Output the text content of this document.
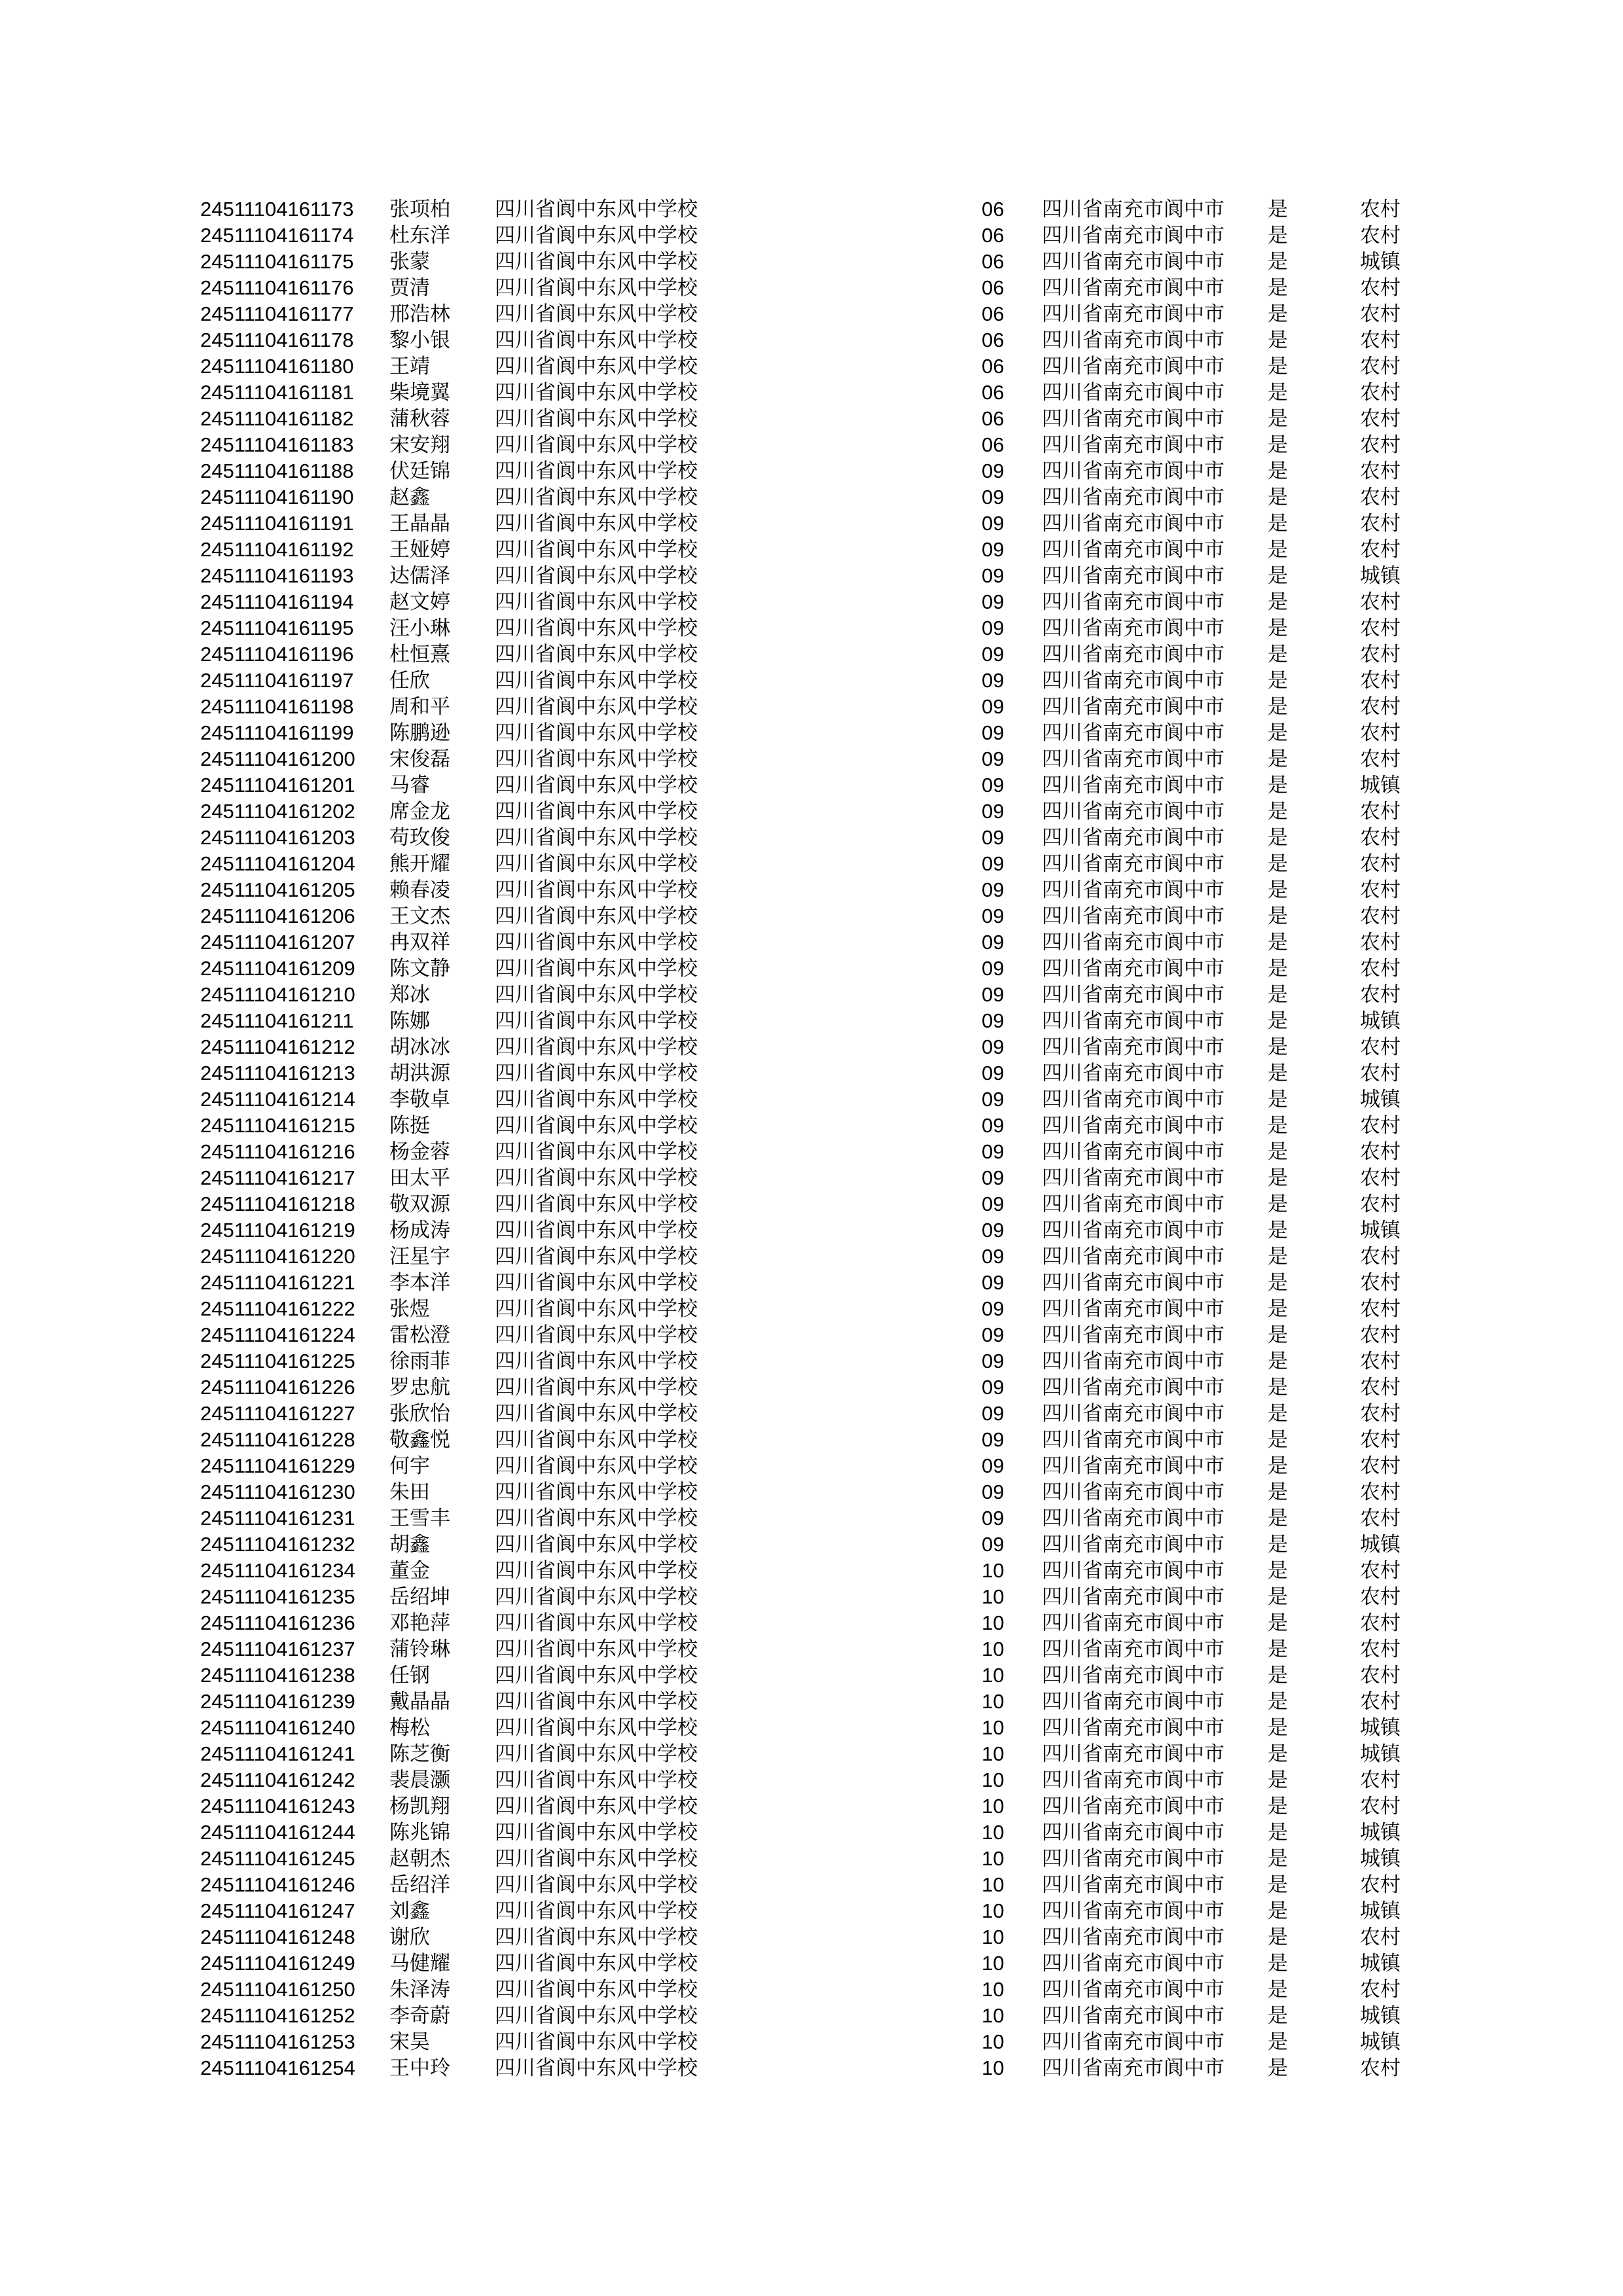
24511104161173 张项柏 四川省阆中东风中学校	06 四川省南充市阆中市 是	农村
24511104161174 杜东洋 四川省阆中东风中学校	06 四川省南充市阆中市 是	农村
24511104161175 张蒙	四川省阆中东风中学校	06 四川省南充市阆中市 是	城镇
24511104161176 贾清	四川省阆中东风中学校	06 四川省南充市阆中市 是	农村
24511104161177 邢浩林 四川省阆中东风中学校	06 四川省南充市阆中市 是	农村
24511104161178 黎小银 四川省阆中东风中学校	06 四川省南充市阆中市 是	农村
24511104161180 王靖	四川省阆中东风中学校	06 四川省南充市阆中市 是	农村
24511104161181 柴境翼 四川省阆中东风中学校	06 四川省南充市阆中市 是	农村
24511104161182 蒲秋蓉 四川省阆中东风中学校	06 四川省南充市阆中市 是	农村
24511104161183 宋安翔 四川省阆中东风中学校	06 四川省南充市阆中市 是	农村
24511104161188 伏廷锦 四川省阆中东风中学校	09 四川省南充市阆中市 是	农村
24511104161190 赵鑫	四川省阆中东风中学校	09 四川省南充市阆中市 是	农村
24511104161191 王晶晶 四川省阆中东风中学校	09 四川省南充市阆中市 是	农村
24511104161192 王娅婷 四川省阆中东风中学校	09 四川省南充市阆中市 是	农村
24511104161193 达儒泽 四川省阆中东风中学校	09 四川省南充市阆中市 是	城镇
24511104161194 赵文婷 四川省阆中东风中学校	09 四川省南充市阆中市 是	农村
24511104161195 汪小琳 四川省阆中东风中学校	09 四川省南充市阆中市 是	农村
24511104161196 杜恒熹 四川省阆中东风中学校	09 四川省南充市阆中市 是	农村
24511104161197 任欣	四川省阆中东风中学校	09 四川省南充市阆中市 是	农村
24511104161198 周和平 四川省阆中东风中学校	09 四川省南充市阆中市 是	农村
24511104161199 陈鹏逊 四川省阆中东风中学校	09 四川省南充市阆中市 是	农村
24511104161200 宋俊磊 四川省阆中东风中学校	09 四川省南充市阆中市 是	农村
24511104161201 马睿	四川省阆中东风中学校	09 四川省南充市阆中市 是	城镇
24511104161202 席金龙 四川省阆中东风中学校	09 四川省南充市阆中市 是	农村
24511104161203 苟玫俊 四川省阆中东风中学校	09 四川省南充市阆中市 是	农村
24511104161204 熊开耀 四川省阆中东风中学校	09 四川省南充市阆中市 是	农村
24511104161205 赖春凌 四川省阆中东风中学校	09 四川省南充市阆中市 是	农村
24511104161206 王文杰 四川省阆中东风中学校	09 四川省南充市阆中市 是	农村
24511104161207 冉双祥 四川省阆中东风中学校	09 四川省南充市阆中市 是	农村
24511104161209 陈文静 四川省阆中东风中学校	09 四川省南充市阆中市 是	农村
24511104161210 郑冰	四川省阆中东风中学校	09 四川省南充市阆中市 是	农村
24511104161211 陈娜	四川省阆中东风中学校	09 四川省南充市阆中市 是	城镇
24511104161212 胡冰冰 四川省阆中东风中学校	09 四川省南充市阆中市 是	农村
24511104161213 胡洪源 四川省阆中东风中学校	09 四川省南充市阆中市 是	农村
24511104161214 李敬卓 四川省阆中东风中学校	09 四川省南充市阆中市 是	城镇
24511104161215 陈挺	四川省阆中东风中学校	09 四川省南充市阆中市 是	农村
24511104161216 杨金蓉 四川省阆中东风中学校	09 四川省南充市阆中市 是	农村
24511104161217 田太平 四川省阆中东风中学校	09 四川省南充市阆中市 是	农村
24511104161218 敬双源 四川省阆中东风中学校	09 四川省南充市阆中市 是	农村
24511104161219 杨成涛 四川省阆中东风中学校	09 四川省南充市阆中市 是	城镇
24511104161220 汪星宇 四川省阆中东风中学校	09 四川省南充市阆中市 是	农村
24511104161221 李本洋 四川省阆中东风中学校	09 四川省南充市阆中市 是	农村
24511104161222 张煜	四川省阆中东风中学校	09 四川省南充市阆中市 是	农村
24511104161224 雷松澄 四川省阆中东风中学校	09 四川省南充市阆中市 是	农村
24511104161225 徐雨菲 四川省阆中东风中学校	09 四川省南充市阆中市 是	农村
24511104161226 罗忠航 四川省阆中东风中学校	09 四川省南充市阆中市 是	农村
24511104161227 张欣怡 四川省阆中东风中学校	09 四川省南充市阆中市 是	农村
24511104161228 敬鑫悦 四川省阆中东风中学校	09 四川省南充市阆中市 是	农村
24511104161229 何宇	四川省阆中东风中学校	09 四川省南充市阆中市 是	农村
24511104161230 朱田	四川省阆中东风中学校	09 四川省南充市阆中市 是	农村
24511104161231 王雪丰 四川省阆中东风中学校	09 四川省南充市阆中市 是	农村
24511104161232 胡鑫	四川省阆中东风中学校	09 四川省南充市阆中市 是	城镇
24511104161234 董金	四川省阆中东风中学校	10 四川省南充市阆中市 是	农村
24511104161235 岳绍坤 四川省阆中东风中学校	10 四川省南充市阆中市 是	农村
24511104161236 邓艳萍 四川省阆中东风中学校	10 四川省南充市阆中市 是	农村
24511104161237 蒲铃琳 四川省阆中东风中学校	10 四川省南充市阆中市 是	农村
24511104161238 任钢	四川省阆中东风中学校	10 四川省南充市阆中市 是	农村
24511104161239 戴晶晶 四川省阆中东风中学校	10 四川省南充市阆中市 是	农村
24511104161240 梅松	四川省阆中东风中学校	10 四川省南充市阆中市 是	城镇
24511104161241 陈芝衡 四川省阆中东风中学校	10 四川省南充市阆中市 是	城镇
24511104161242 裴晨灏 四川省阆中东风中学校	10 四川省南充市阆中市 是	农村
24511104161243 杨凯翔 四川省阆中东风中学校	10 四川省南充市阆中市 是	农村
24511104161244 陈兆锦 四川省阆中东风中学校	10 四川省南充市阆中市 是	城镇
24511104161245 赵朝杰 四川省阆中东风中学校	10 四川省南充市阆中市 是	城镇
24511104161246 岳绍洋 四川省阆中东风中学校	10 四川省南充市阆中市 是	农村
24511104161247 刘鑫	四川省阆中东风中学校	10 四川省南充市阆中市 是	城镇
24511104161248 谢欣	四川省阆中东风中学校	10 四川省南充市阆中市 是	农村
24511104161249 马健耀 四川省阆中东风中学校	10 四川省南充市阆中市 是	城镇
24511104161250 朱泽涛 四川省阆中东风中学校	10 四川省南充市阆中市 是	农村
24511104161252 李奇蔚 四川省阆中东风中学校	10 四川省南充市阆中市 是	城镇
24511104161253 宋昊	四川省阆中东风中学校	10 四川省南充市阆中市 是	城镇
24511104161254 王中玲 四川省阆中东风中学校	10 四川省南充市阆中市 是	农村
